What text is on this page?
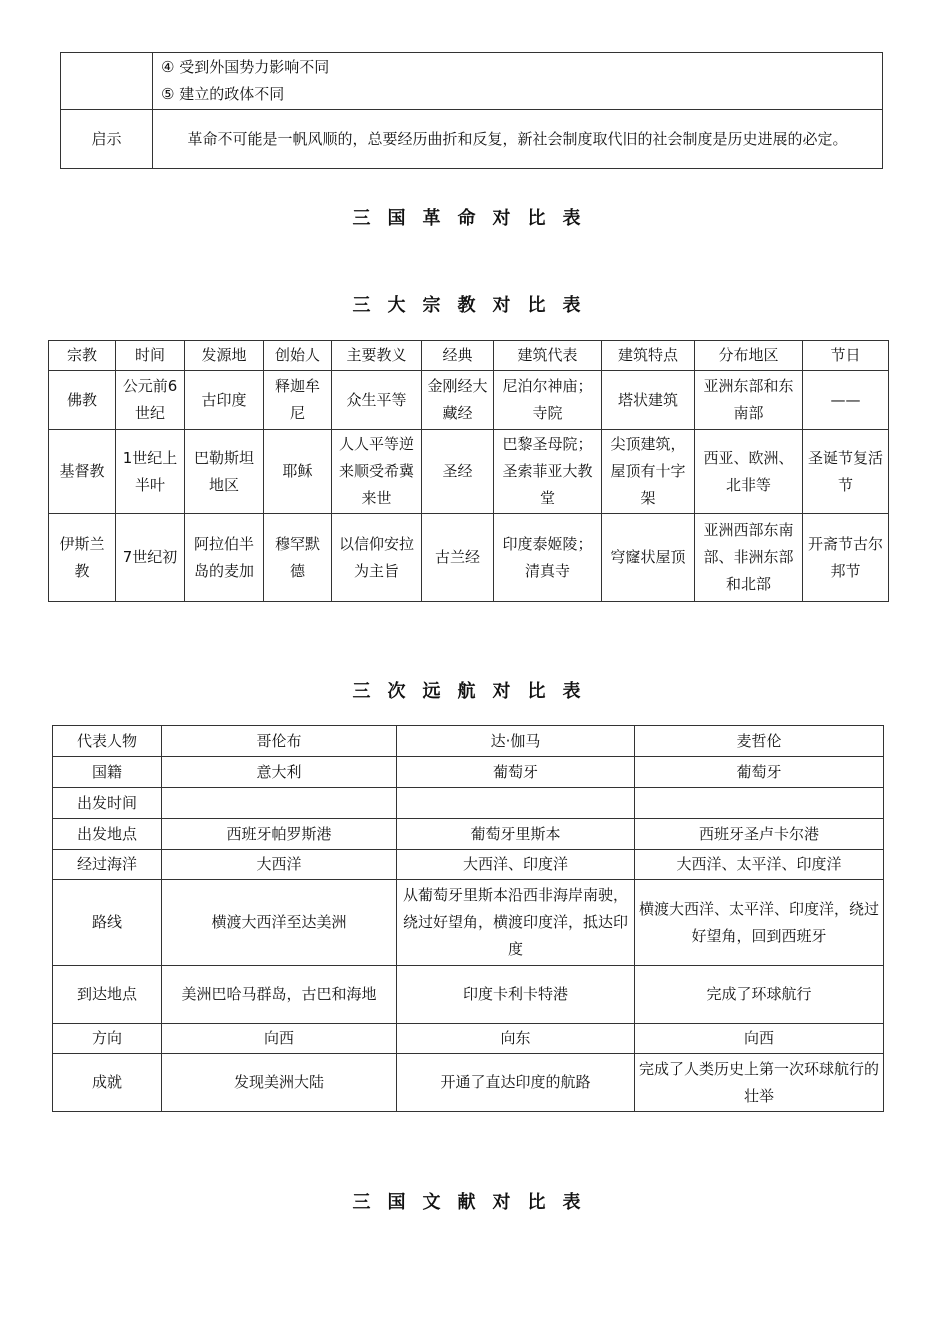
	④ 受到外国势力影响不同
⑤ 建立的政体不同

启示	革命不可能是一帆风顺的，总要经历曲折和反复，新社会制度取代旧的社会制度是历史进展的必定。
三国革命对比表
三大宗教对比表
宗教	时间	发源地	创始人	主要教义	经典	建筑代表	建筑特点	分布地区	节日
佛教	公元前6世纪	古印度	释迦牟尼	众生平等	金刚经大藏经	尼泊尔神庙；寺院	塔状建筑	亚洲东部和东南部	——
基督教	1世纪上半叶	巴勒斯坦地区	耶稣	人人平等逆来顺受希冀来世	圣经	巴黎圣母院；圣索菲亚大教堂	尖顶建筑，屋顶有十字架	西亚、欧洲、北非等	圣诞节复活节
伊斯兰教	7世纪初	阿拉伯半岛的麦加	穆罕默德	以信仰安拉为主旨	古兰经	印度泰姬陵；清真寺	穹窿状屋顶	亚洲西部东南部、非洲东部和北部	开斋节古尔邦节
三次远航对比表
代表人物	哥伦布	达·伽马	麦哲伦
国籍	意大利	葡萄牙	葡萄牙
出发时间			
出发地点	西班牙帕罗斯港	葡萄牙里斯本	西班牙圣卢卡尔港
经过海洋	大西洋	大西洋、印度洋	大西洋、太平洋、印度洋
路线	横渡大西洋至达美洲	从葡萄牙里斯本沿西非海岸南驶，绕过好望角，横渡印度洋，抵达印度	横渡大西洋、太平洋、印度洋，绕过好望角，回到西班牙
到达地点	美洲巴哈马群岛，古巴和海地	印度卡利卡特港	完成了环球航行
方向	向西	向东	向西
成就	发现美洲大陆	开通了直达印度的航路	完成了人类历史上第一次环球航行的壮举
三国文献对比表
